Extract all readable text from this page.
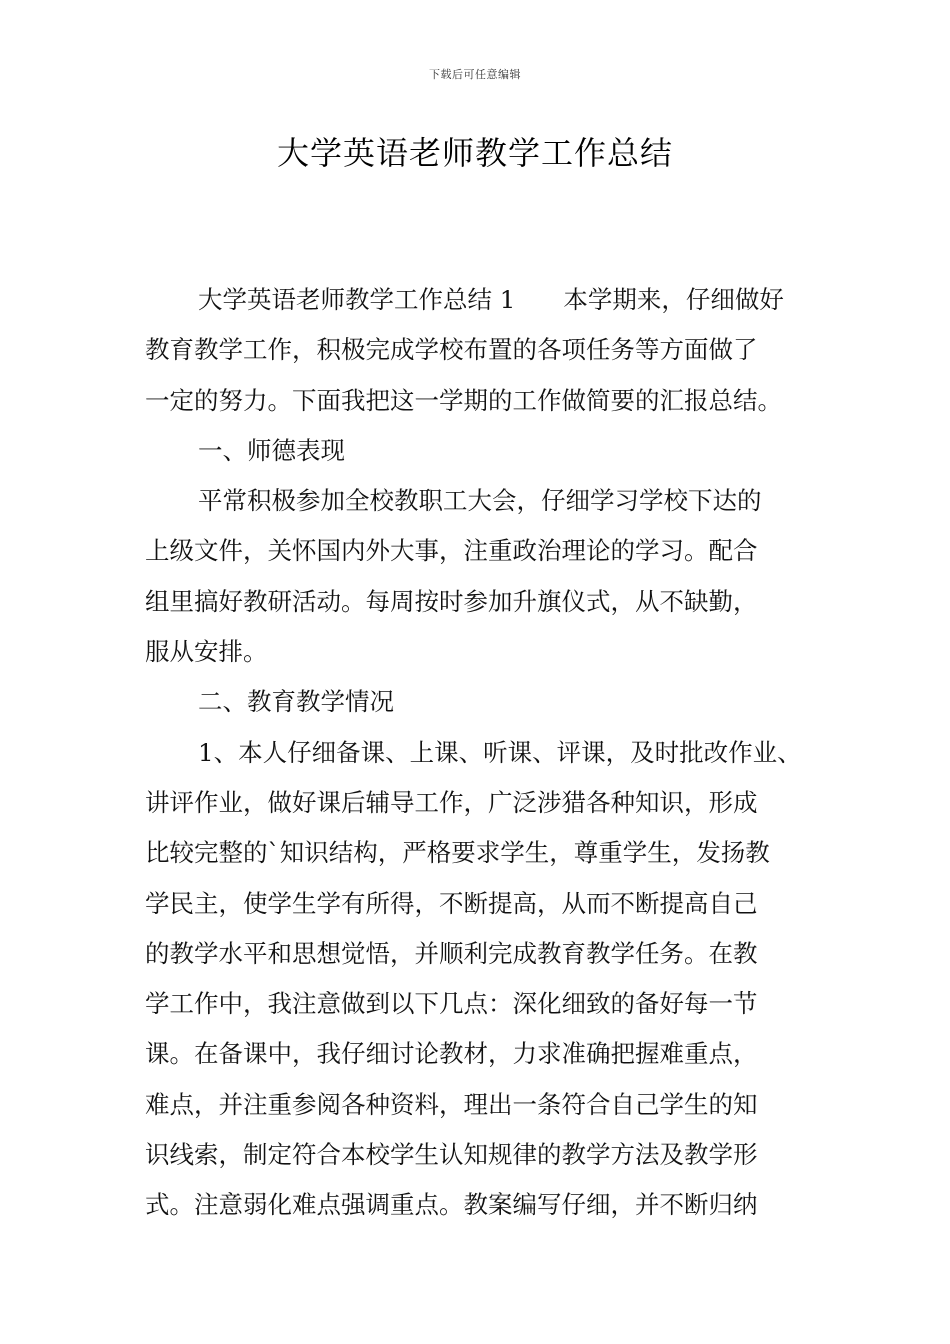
下载后可任意编辑
大学英语老师教学工作总结
大学英语老师教学工作总结 1 本学期来，仔细做好
教育教学工作，积极完成学校布置的各项任务等方面做了
一定的努力。下面我把这一学期的工作做简要的汇报总结。
一、师德表现
平常积极参加全校教职工大会，仔细学习学校下达的
上级文件，关怀国内外大事，注重政治理论的学习。配合
组里搞好教研活动。每周按时参加升旗仪式，从不缺勤，
服从安排。
二、教育教学情况
1、本人仔细备课、上课、听课、评课，及时批改作业、
讲评作业，做好课后辅导工作，广泛涉猎各种知识，形成
比较完整的`知识结构，严格要求学生，尊重学生，发扬教
学民主，使学生学有所得，不断提高，从而不断提高自己
的教学水平和思想觉悟，并顺利完成教育教学任务。在教
学工作中，我注意做到以下几点：深化细致的备好每一节
课。在备课中，我仔细讨论教材，力求准确把握难重点，
难点，并注重参阅各种资料，理出一条符合自己学生的知
识线索，制定符合本校学生认知规律的教学方法及教学形
式。注意弱化难点强调重点。教案编写仔细，并不断归纳
